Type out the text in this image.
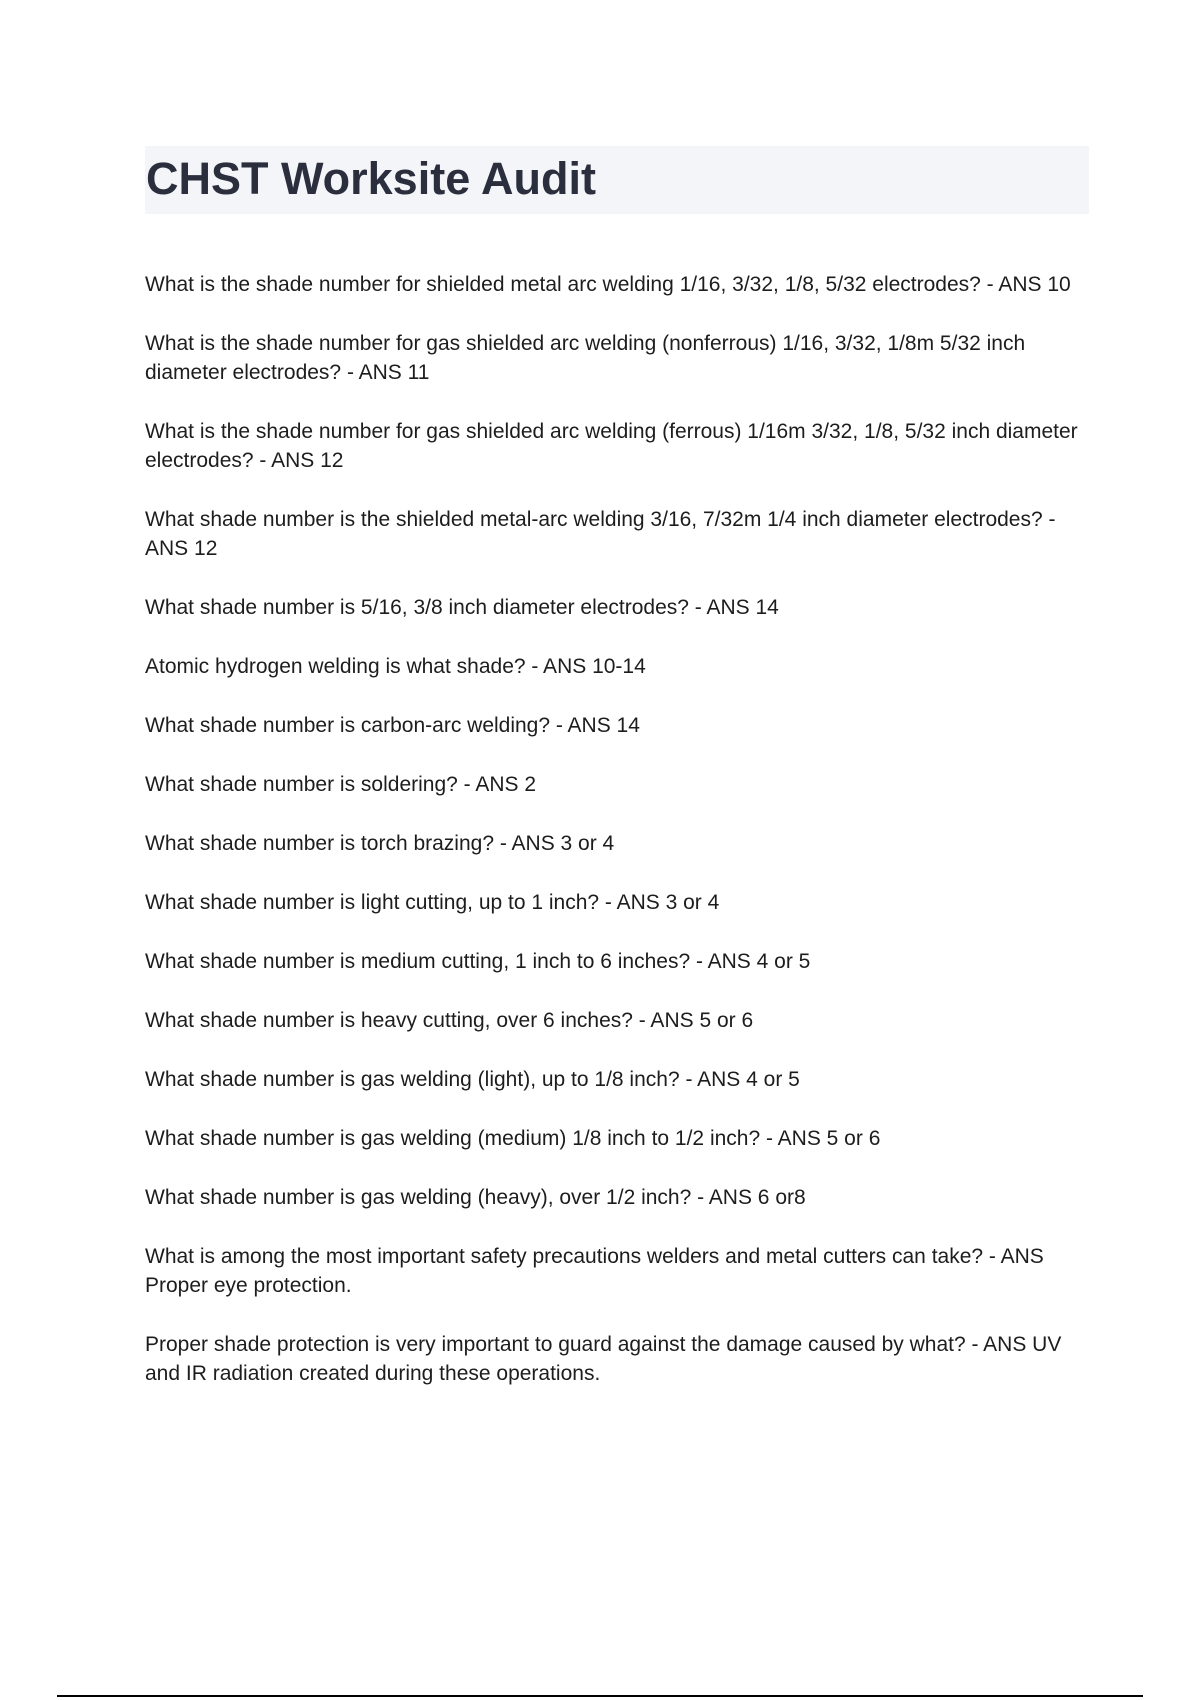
CHST Worksite Audit
What is the shade number for shielded metal arc welding 1/16, 3/32, 1/8, 5/32 electrodes? - ANS 10
What is the shade number for gas shielded arc welding (nonferrous) 1/16, 3/32, 1/8m 5/32 inch diameter electrodes? - ANS 11
What is the shade number for gas shielded arc welding (ferrous) 1/16m 3/32, 1/8, 5/32 inch diameter electrodes? - ANS 12
What shade number is the shielded metal-arc welding 3/16, 7/32m 1/4 inch diameter electrodes? - ANS 12
What shade number is 5/16, 3/8 inch diameter electrodes? - ANS 14
Atomic hydrogen welding is what shade? - ANS 10-14
What shade number is carbon-arc welding? - ANS 14
What shade number is soldering? - ANS 2
What shade number is torch brazing? - ANS 3 or 4
What shade number is light cutting, up to 1 inch? - ANS 3 or 4
What shade number is medium cutting, 1 inch to 6 inches? - ANS 4 or 5
What shade number is heavy cutting, over 6 inches? - ANS 5 or 6
What shade number is gas welding (light), up to 1/8 inch? - ANS 4 or 5
What shade number is gas welding (medium) 1/8 inch to 1/2 inch? - ANS 5 or 6
What shade number is gas welding (heavy), over 1/2 inch? - ANS 6 or8
What is among the most important safety precautions welders and metal cutters can take? - ANS Proper eye protection.
Proper shade protection is very important to guard against the damage caused by what? - ANS UV and IR radiation created during these operations.
